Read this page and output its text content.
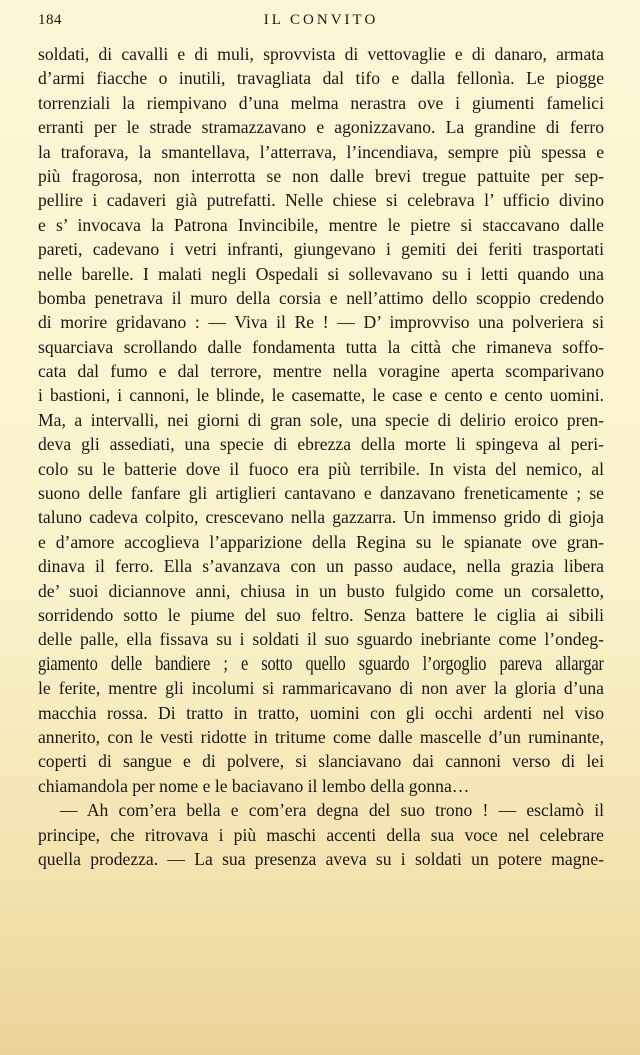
184	IL CONVITO
soldati, di cavalli e di muli, sprovvista di vettovaglie e di danaro, armata
d’armi fiacche o inutili, travagliata dal tifo e dalla fellonìa. Le piogge
torrenziali la riempivano d’una melma nerastra ove i giumenti famelici
erranti per le strade stramazzavano e agonizzavano. La grandine di ferro
la traforava, la smantellava, l’atterrava, l’incendiava, sempre più spessa e
più fragorosa, non interrotta se non dalle brevi tregue pattuite per sep-
pellire i cadaveri già putrefatti. Nelle chiese si celebrava l’ ufficio divino
e s’ invocava la Patrona Invincibile, mentre le pietre si staccavano dalle
pareti, cadevano i vetri infranti, giungevano i gemiti dei feriti trasportati
nelle barelle. I malati negli Ospedali si sollevavano su i letti quando una
bomba penetrava il muro della corsia e nell’attimo dello scoppio credendo
di morire gridavano : — Viva il Re ! — D’ improvviso una polveriera si
squarciava scrollando dalle fondamenta tutta la città che rimaneva soffo-
cata dal fumo e dal terrore, mentre nella voragine aperta scomparivano
i bastioni, i cannoni, le blinde, le casematte, le case e cento e cento uomini.
Ma, a intervalli, nei giorni di gran sole, una specie di delirio eroico pren-
deva gli assediati, una specie di ebrezza della morte li spingeva al peri-
colo su le batterie dove il fuoco era più terribile. In vista del nemico, al
suono delle fanfare gli artiglieri cantavano e danzavano freneticamente ; se
taluno cadeva colpito, crescevano nella gazzarra. Un immenso grido di gioja
e d’amore accoglieva l’apparizione della Regina su le spianate ove gran-
dinava il ferro. Ella s’avanzava con un passo audace, nella grazia libera
de’ suoi diciannove anni, chiusa in un busto fulgido come un corsaletto,
sorridendo sotto le piume del suo feltro. Senza battere le ciglia ai sibili
delle palle, ella fissava su i soldati il suo sguardo inebriante come l’ondeg-
giamento delle bandiere ; e sotto quello sguardo l’orgoglio pareva allargar
le ferite, mentre gli incolumi si rammaricavano di non aver la gloria d’una
macchia rossa. Di tratto in tratto, uomini con gli occhi ardenti nel viso
annerito, con le vesti ridotte in tritume come dalle mascelle d’un ruminante,
coperti di sangue e di polvere, si slanciavano dai cannoni verso di lei
chiamandola per nome e le baciavano il lembo della gonna…
— Ah com’era bella e com’era degna del suo trono ! — esclamò il
principe, che ritrovava i più maschi accenti della sua voce nel celebrare
quella prodezza. — La sua presenza aveva su i soldati un potere magne-
